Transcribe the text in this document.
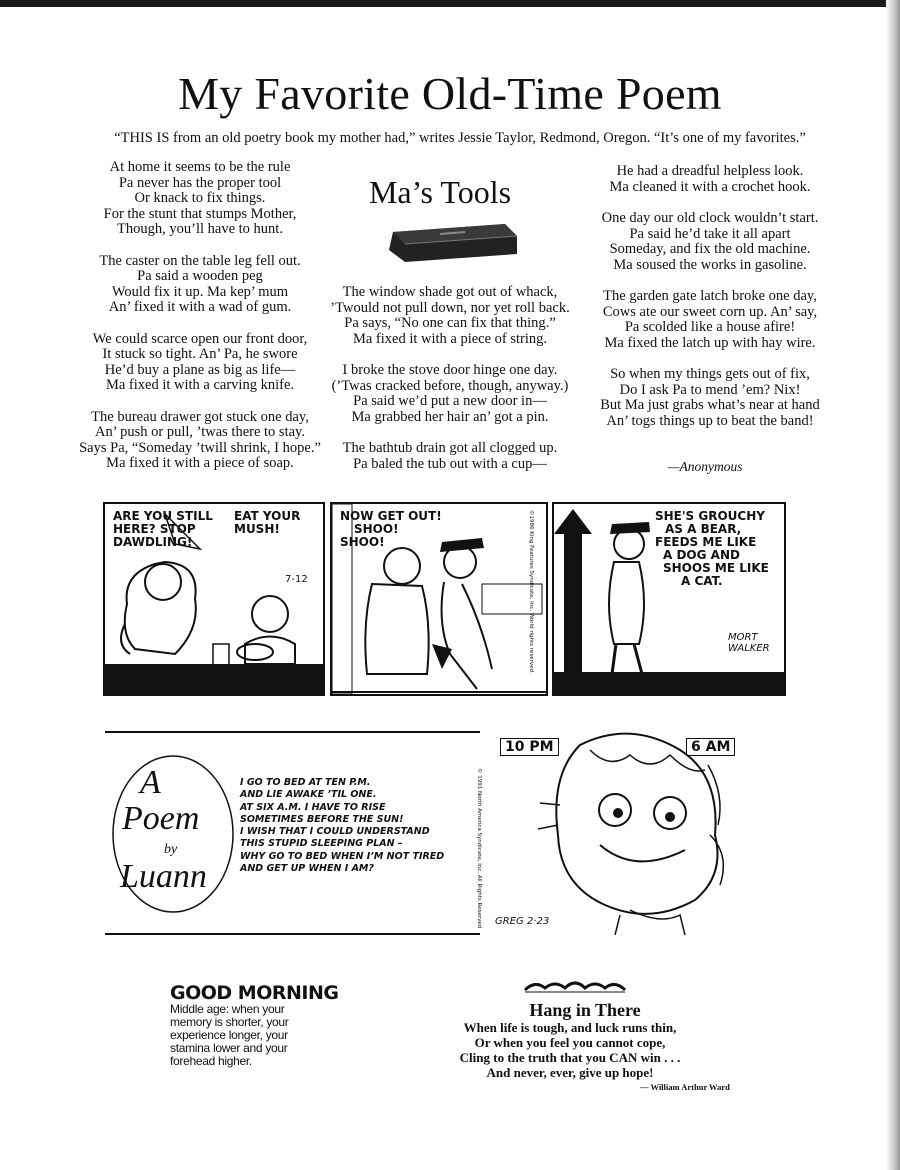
My Favorite Old-Time Poem
“THIS IS from an old poetry book my mother had,” writes Jessie Taylor, Redmond, Oregon. “It’s one of my favorites.”
At home it seems to be the rule
Pa never has the proper tool
Or knack to fix things.
For the stunt that stumps Mother,
Though, you’ll have to hunt.
The caster on the table leg fell out.
Pa said a wooden peg
Would fix it up. Ma kep’ mum
An’ fixed it with a wad of gum.
We could scarce open our front door,
It stuck so tight. An’ Pa, he swore
He’d buy a plane as big as life—
Ma fixed it with a carving knife.
The bureau drawer got stuck one day,
An’ push or pull, ’twas there to stay.
Says Pa, “Someday ’twill shrink, I hope.”
Ma fixed it with a piece of soap.
Ma’s Tools
The window shade got out of whack,
’Twould not pull down, nor yet roll back.
Pa says, “No one can fix that thing.”
Ma fixed it with a piece of string.
I broke the stove door hinge one day.
(’Twas cracked before, though, anyway.)
Pa said we’d put a new door in—
Ma grabbed her hair an’ got a pin.
The bathtub drain got all clogged up.
Pa baled the tub out with a cup—
He had a dreadful helpless look.
Ma cleaned it with a crochet hook.
One day our old clock wouldn’t start.
Pa said he’d take it all apart
Someday, and fix the old machine.
Ma soused the works in gasoline.
The garden gate latch broke one day,
Cows ate our sweet corn up. An’ say,
Pa scolded like a house afire!
Ma fixed the latch up with hay wire.
So when my things gets out of fix,
Do I ask Pa to mend ’em? Nix!
But Ma just grabs what’s near at hand
An’ togs things up to beat the band!
—Anonymous
ARE YOU STILL
HERE? STOP
DAWDLING!
EAT YOUR
MUSH!
7-12
NOW GET OUT!
SHOO!
SHOO!	©1986 King Features Syndicate, Inc. World rights reserved.	SHE'S GROUCHY
AS A BEAR,
FEEDS ME LIKE
A DOG AND
SHOOS ME LIKE
A CAT.
MORT
WALKER
A
Poem
by
Luann
I GO TO BED AT TEN P.M.
AND LIE AWAKE ’TIL ONE.
AT SIX A.M. I HAVE TO RISE
SOMETIMES BEFORE THE SUN!
I WISH THAT I COULD UNDERSTAND
THIS STUPID SLEEPING PLAN –
WHY GO TO BED WHEN I’M NOT TIRED
AND GET UP WHEN I AM?	© 1991 North America Syndicate, Inc. All Rights Reserved
10 PM	6 AM
GREG 2·23
GOOD MORNING
Middle age: when your
memory is shorter, your
experience longer, your
stamina lower and your
forehead higher.
Hang in There
When life is tough, and luck runs thin,
Or when you feel you cannot cope,
Cling to the truth that you CAN win . . .
And never, ever, give up hope!
— William Arthur Ward
